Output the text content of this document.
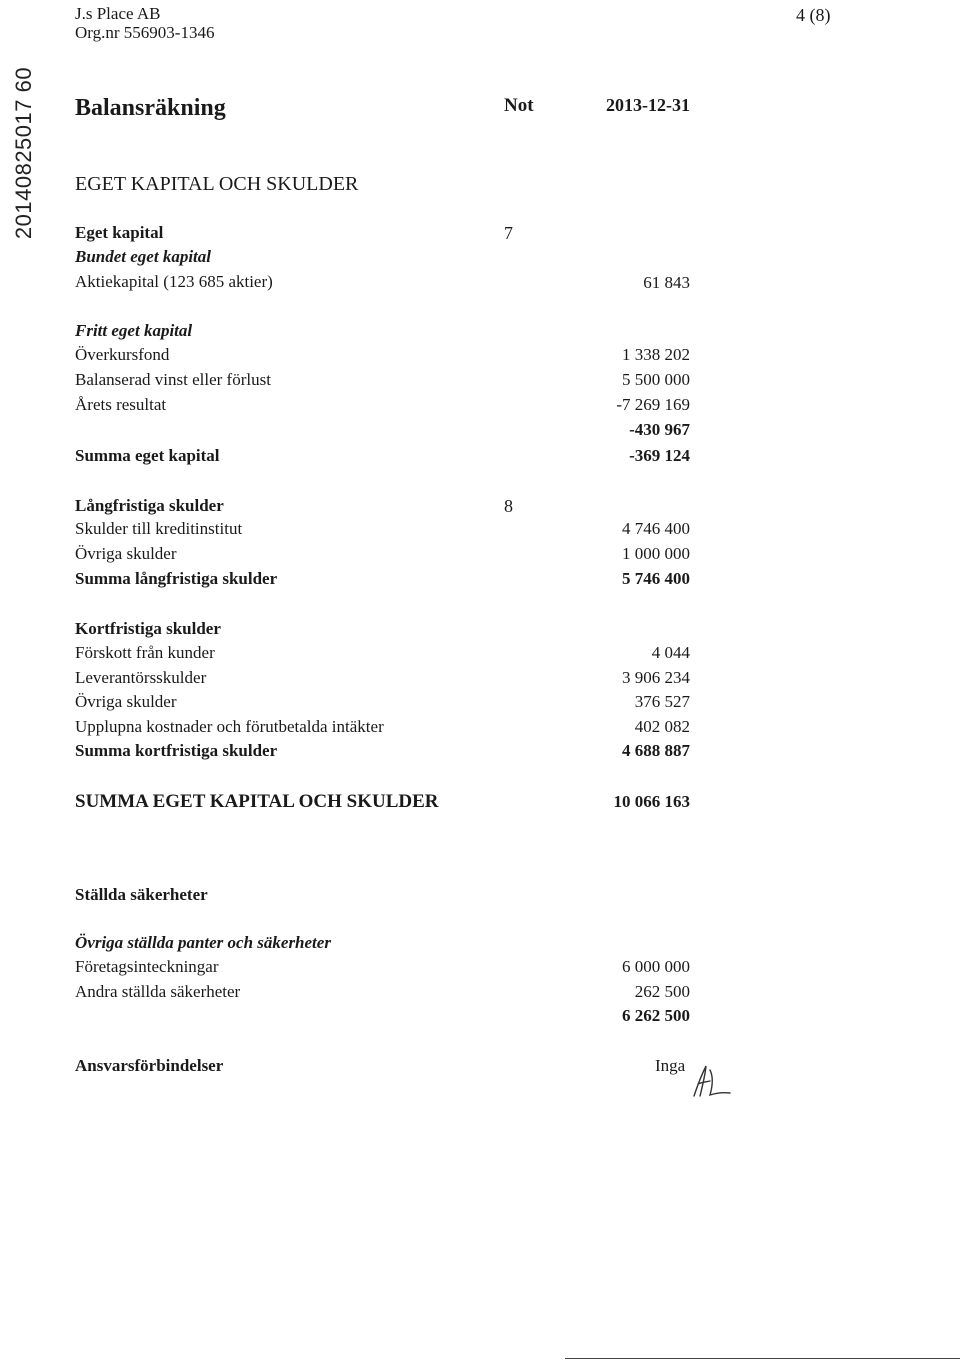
J.s Place AB
Org.nr 556903-1346
4 (8)
20140825017 60 Balansräkning	Not	2013-12-31
EGET KAPITAL OCH SKULDER
Eget kapital	7
Bundet eget kapital
Aktiekapital (123 685 aktier)	61 843
Fritt eget kapital
Överkursfond	1 338 202
Balanserad vinst eller förlust	5 500 000
Årets resultat	-7 269 169
-430 967
Summa eget kapital	-369 124
Långfristiga skulder	8
Skulder till kreditinstitut	4 746 400
Övriga skulder	1 000 000
Summa långfristiga skulder	5 746 400
Kortfristiga skulder
Förskott från kunder	4 044
Leverantörsskulder	3 906 234
Övriga skulder	376 527
Upplupna kostnader och förutbetalda intäkter	402 082
Summa kortfristiga skulder	4 688 887
SUMMA EGET KAPITAL OCH SKULDER	10 066 163
Ställda säkerheter
Övriga ställda panter och säkerheter
Företagsinteckningar	6 000 000
Andra ställda säkerheter	262 500
6 262 500
Ansvarsförbindelser	Inga
